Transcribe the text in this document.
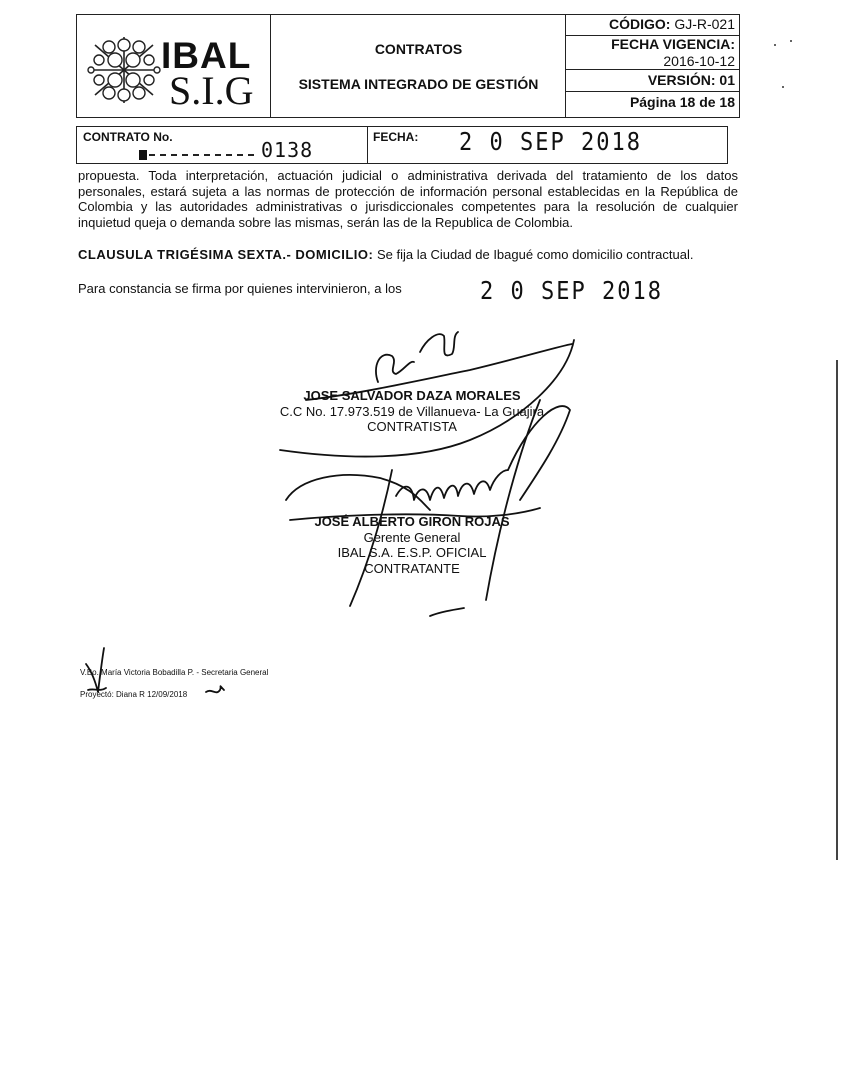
IBAL
S.I.G
CONTRATOS
SISTEMA INTEGRADO DE GESTIÓN
CÓDIGO: GJ-R-021
FECHA VIGENCIA:
2016-10-12
VERSIÓN: 01
Página 18 de 18
CONTRATO No.
0138
FECHA: 2 0 SEP 2018
propuesta. Toda interpretación, actuación judicial o administrativa derivada del tratamiento de los datos personales, estará sujeta a las normas de protección de información personal establecidas en la República de Colombia y las autoridades administrativas o jurisdiccionales competentes para la resolución de cualquier inquietud queja o demanda sobre las mismas, serán las de la Republica de Colombia.
CLAUSULA TRIGÉSIMA SEXTA.- DOMICILIO: Se fija la Ciudad de Ibagué como domicilio contractual.
Para constancia se firma por quienes intervinieron, a los	2 0 SEP 2018
JOSE SALVADOR DAZA MORALES
C.C No. 17.973.519 de Villanueva- La Guajira
CONTRATISTA
JOSÉ ALBERTO GIRON ROJAS
Gerente General
IBAL S.A. E.S.P. OFICIAL
CONTRATANTE
V.Bo. María Victoria Bobadilla P. - Secretaria General
Proyectó: Diana R 12/09/2018
